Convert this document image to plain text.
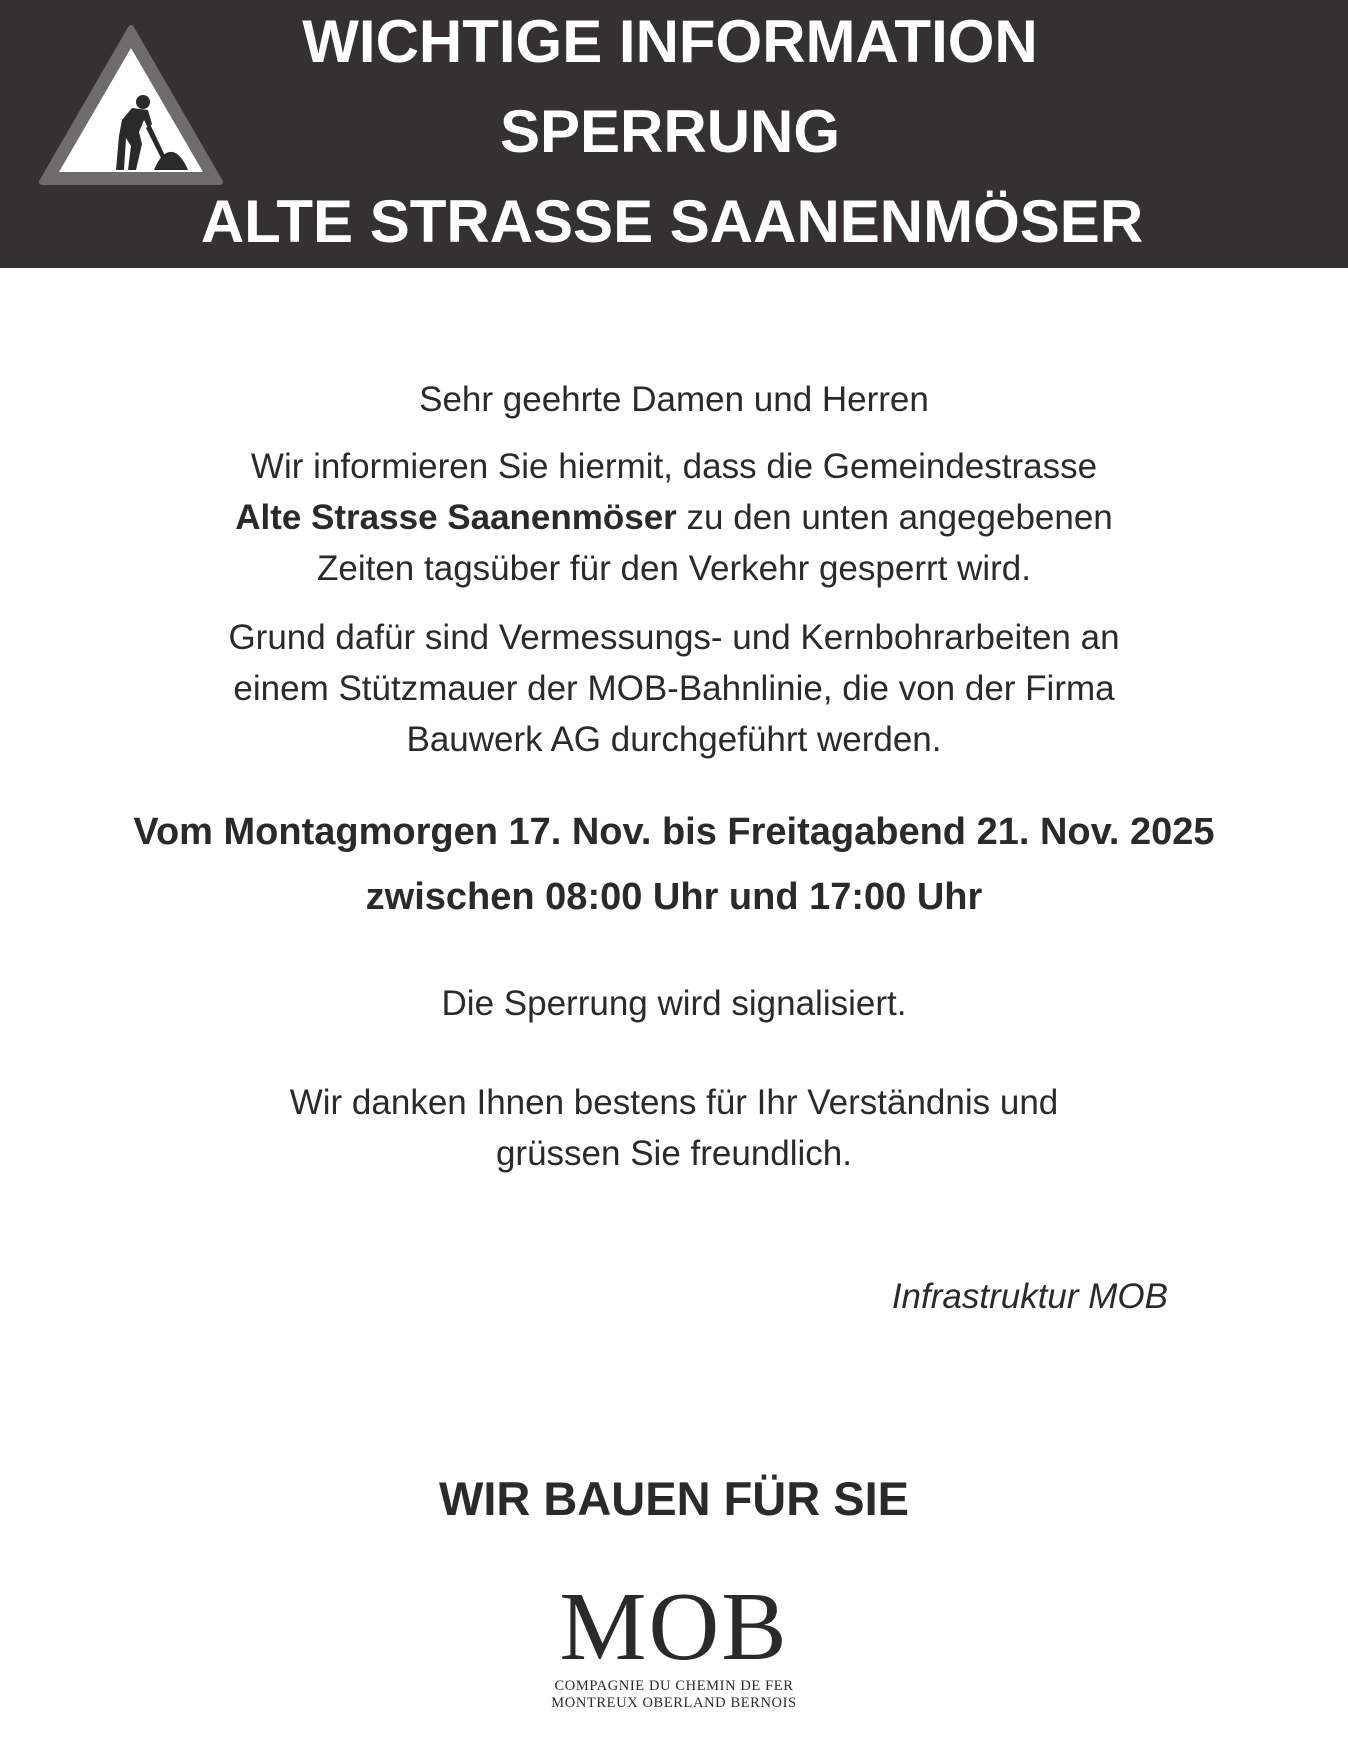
WICHTIGE INFORMATION
SPERRUNG
ALTE STRASSE SAANENMÖSER
Sehr geehrte Damen und Herren
Wir informieren Sie hiermit, dass die Gemeindestrasse
Alte Strasse Saanenmöser zu den unten angegebenen
Zeiten tagsüber für den Verkehr gesperrt wird.
Grund dafür sind Vermessungs- und Kernbohrarbeiten an
einem Stützmauer der MOB-Bahnlinie, die von der Firma
Bauwerk AG durchgeführt werden.
Vom Montagmorgen 17. Nov. bis Freitagabend 21. Nov. 2025
zwischen 08:00 Uhr und 17:00 Uhr
Die Sperrung wird signalisiert.
Wir danken Ihnen bestens für Ihr Verständnis und
grüssen Sie freundlich.
Infrastruktur MOB
WIR BAUEN FÜR SIE
MOB
COMPAGNIE DU CHEMIN DE FER
MONTREUX OBERLAND BERNOIS
